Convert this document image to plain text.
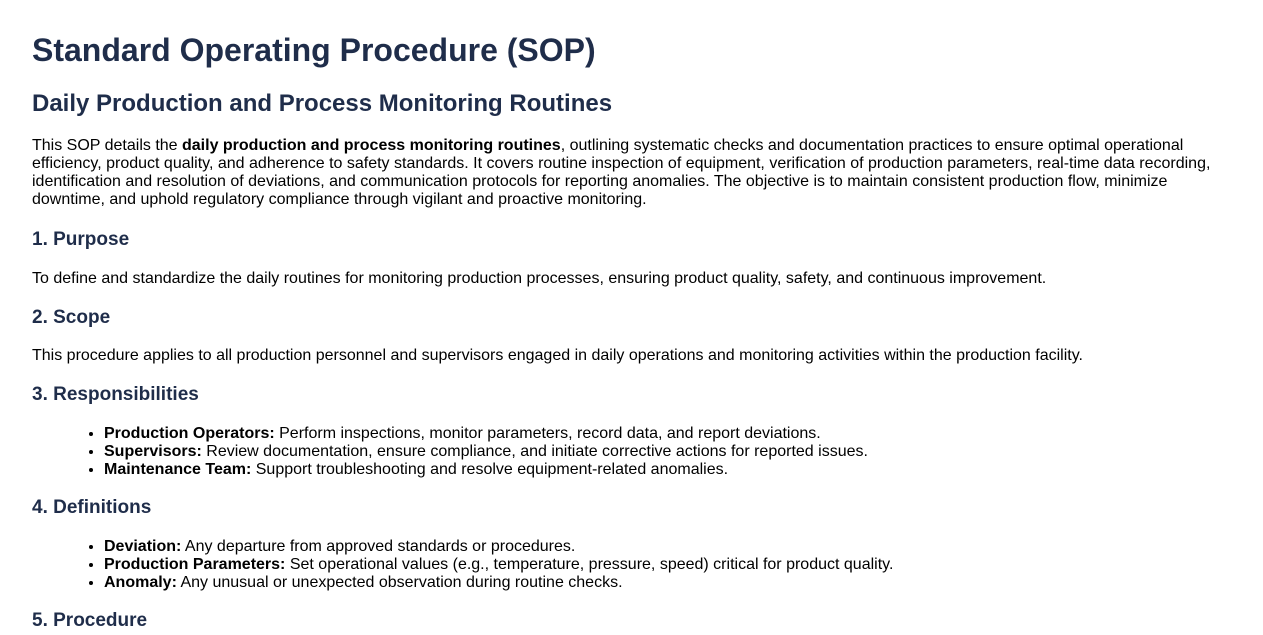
Standard Operating Procedure (SOP)
Daily Production and Process Monitoring Routines

This SOP details the daily production and process monitoring routines, outlining systematic checks and documentation practices to ensure optimal operational efficiency, product quality, and adherence to safety standards. It covers routine inspection of equipment, verification of production parameters, real-time data recording, identification and resolution of deviations, and communication protocols for reporting anomalies. The objective is to maintain consistent production flow, minimize downtime, and uphold regulatory compliance through vigilant and proactive monitoring.

1. Purpose

To define and standardize the daily routines for monitoring production processes, ensuring product quality, safety, and continuous improvement.

2. Scope

This procedure applies to all production personnel and supervisors engaged in daily operations and monitoring activities within the production facility.

3. Responsibilities
• Production Operators: Perform inspections, monitor parameters, record data, and report deviations.
• Supervisors: Review documentation, ensure compliance, and initiate corrective actions for reported issues.
• Maintenance Team: Support troubleshooting and resolve equipment-related anomalies.
4. Definitions
• Deviation: Any departure from approved standards or procedures.
• Production Parameters: Set operational values (e.g., temperature, pressure, speed) critical for product quality.
• Anomaly: Any unusual or unexpected observation during routine checks.
5. Procedure
